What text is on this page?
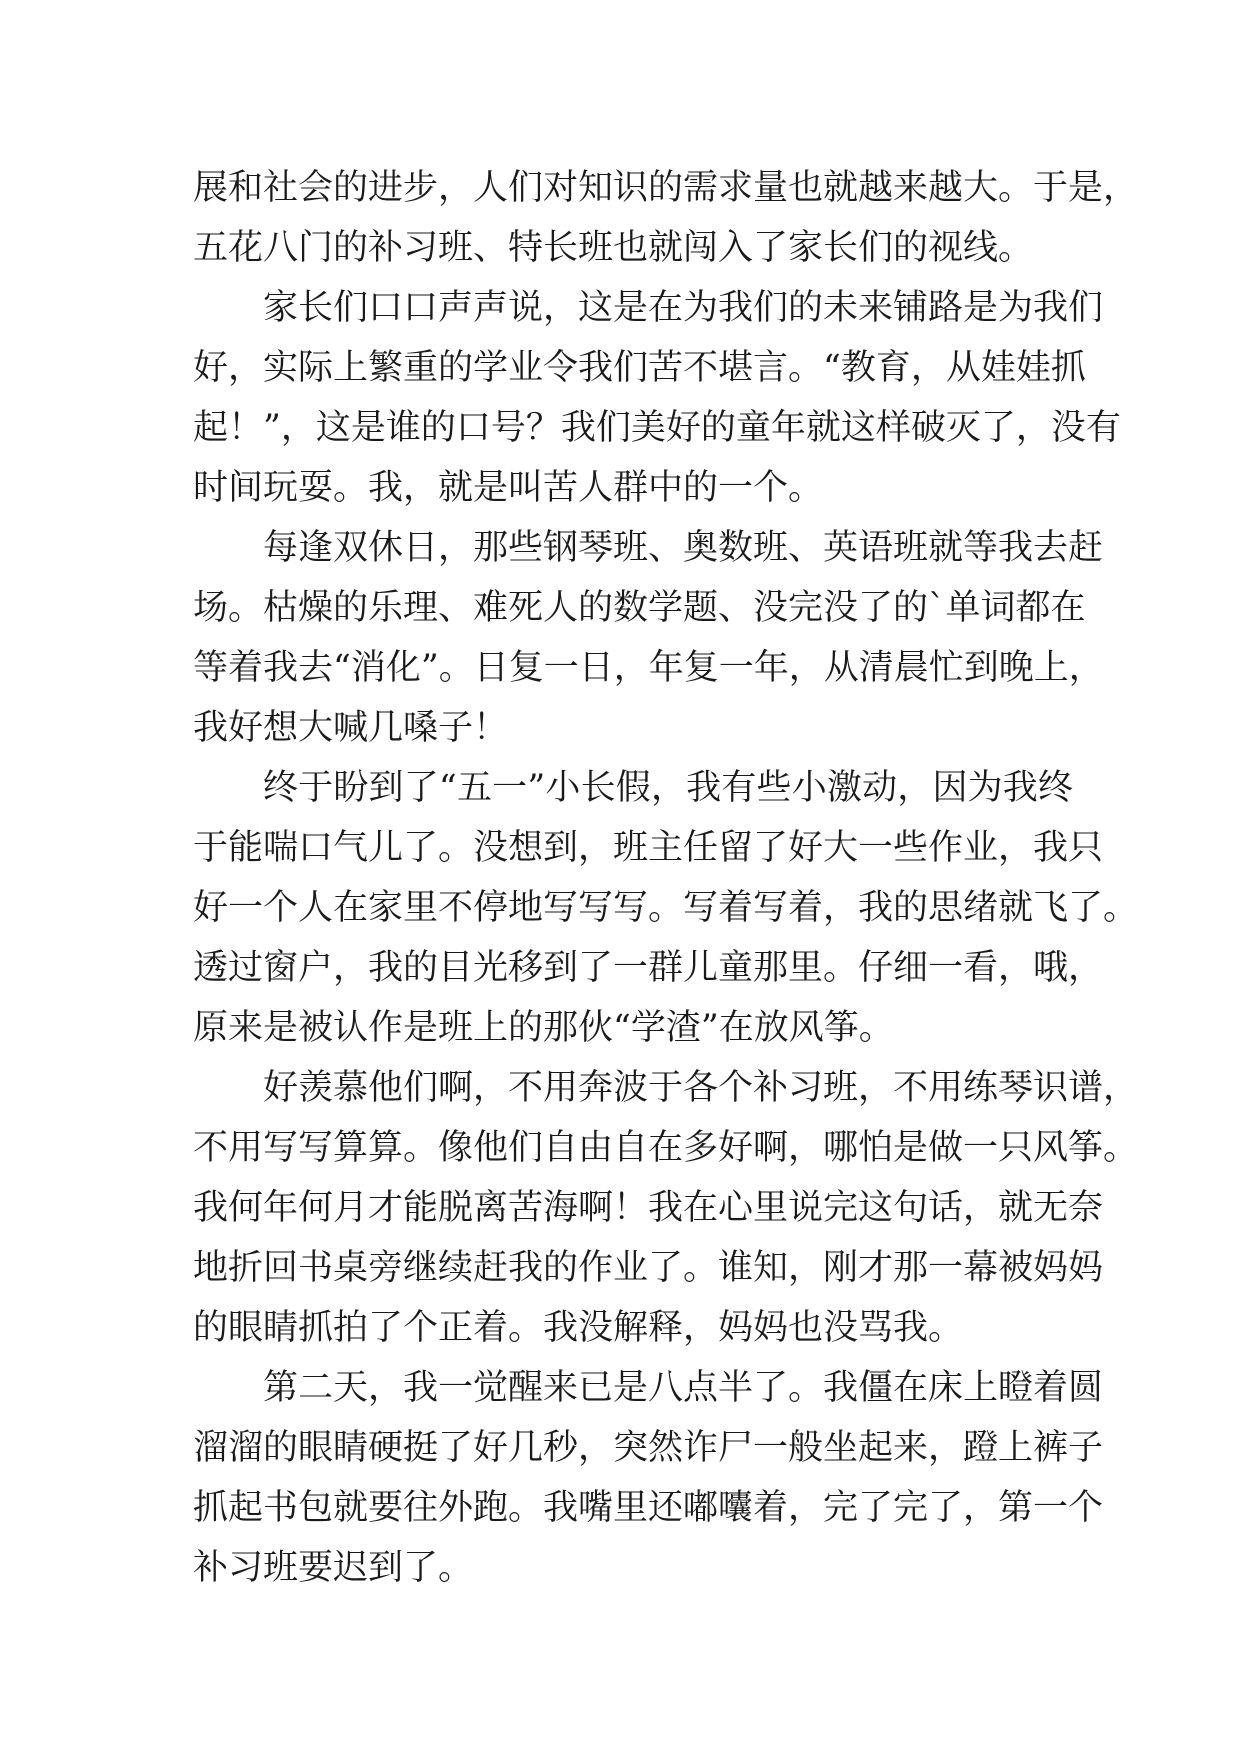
展和社会的进步，人们对知识的需求量也就越来越大。于是，
五花八门的补习班、特长班也就闯入了家长们的视线。
家长们口口声声说，这是在为我们的未来铺路是为我们
好，实际上繁重的学业令我们苦不堪言。“教育，从娃娃抓
起！”，这是谁的口号？我们美好的童年就这样破灭了，没有
时间玩耍。我，就是叫苦人群中的一个。
每逢双休日，那些钢琴班、奥数班、英语班就等我去赶
场。枯燥的乐理、难死人的数学题、没完没了的`单词都在
等着我去“消化”。日复一日，年复一年，从清晨忙到晚上，
我好想大喊几嗓子！
终于盼到了“五一”小长假，我有些小激动，因为我终
于能喘口气儿了。没想到，班主任留了好大一些作业，我只
好一个人在家里不停地写写写。写着写着，我的思绪就飞了。
透过窗户，我的目光移到了一群儿童那里。仔细一看，哦，
原来是被认作是班上的那伙“学渣”在放风筝。
好羡慕他们啊，不用奔波于各个补习班，不用练琴识谱，
不用写写算算。像他们自由自在多好啊，哪怕是做一只风筝。
我何年何月才能脱离苦海啊！我在心里说完这句话，就无奈
地折回书桌旁继续赶我的作业了。谁知，刚才那一幕被妈妈
的眼睛抓拍了个正着。我没解释，妈妈也没骂我。
第二天，我一觉醒来已是八点半了。我僵在床上瞪着圆
溜溜的眼睛硬挺了好几秒，突然诈尸一般坐起来，蹬上裤子
抓起书包就要往外跑。我嘴里还嘟囔着，完了完了，第一个
补习班要迟到了。
